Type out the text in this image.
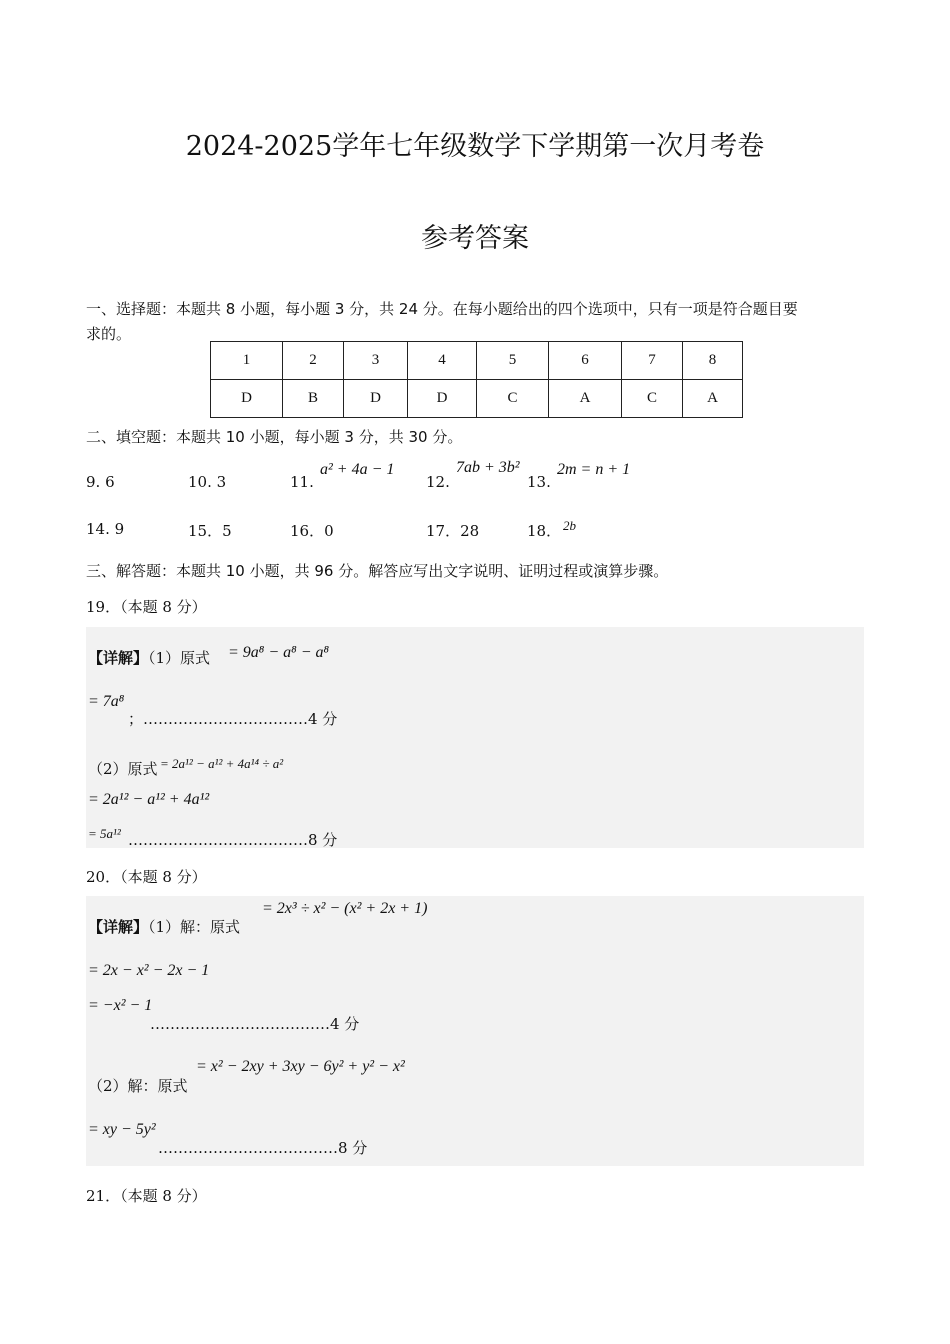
2024-2025学年七年级数学下学期第一次月考卷
参考答案
一、选择题：本题共 8 小题，每小题 3 分，共 24 分。在每小题给出的四个选项中，只有一项是符合题目要
求的。
1	2	3	4	5	6	7	8
D	B	D	D	C	A	C	A
二、填空题：本题共 10 小题，每小题 3 分，共 30 分。
9. 6	10. 3	11.
a² + 4a − 1
12.
7ab + 3b²
13.
2m = n + 1
14. 9	15．5	16．0	17．28	18． 2b
三、解答题：本题共 10 小题，共 96 分。解答应写出文字说明、证明过程或演算步骤。
19．（本题 8 分）
【详解】（1）原式 = 9a⁸ − a⁸ − a⁸
= 7a⁸
；……………………………4 分
（2）原式 = 2a¹² − a¹² + 4a¹⁴ ÷ a²
= 2a¹² − a¹² + 4a¹²
= 5a¹² ………………………………8 分
20．（本题 8 分）
【详解】（1）解：原式
= 2x³ ÷ x² − (x² + 2x + 1)
= 2x − x² − 2x − 1
= −x² − 1
………………………………4 分
（2）解：原式
= x² − 2xy + 3xy − 6y² + y² − x²
= xy − 5y²
………………………………8 分
21．（本题 8 分）
